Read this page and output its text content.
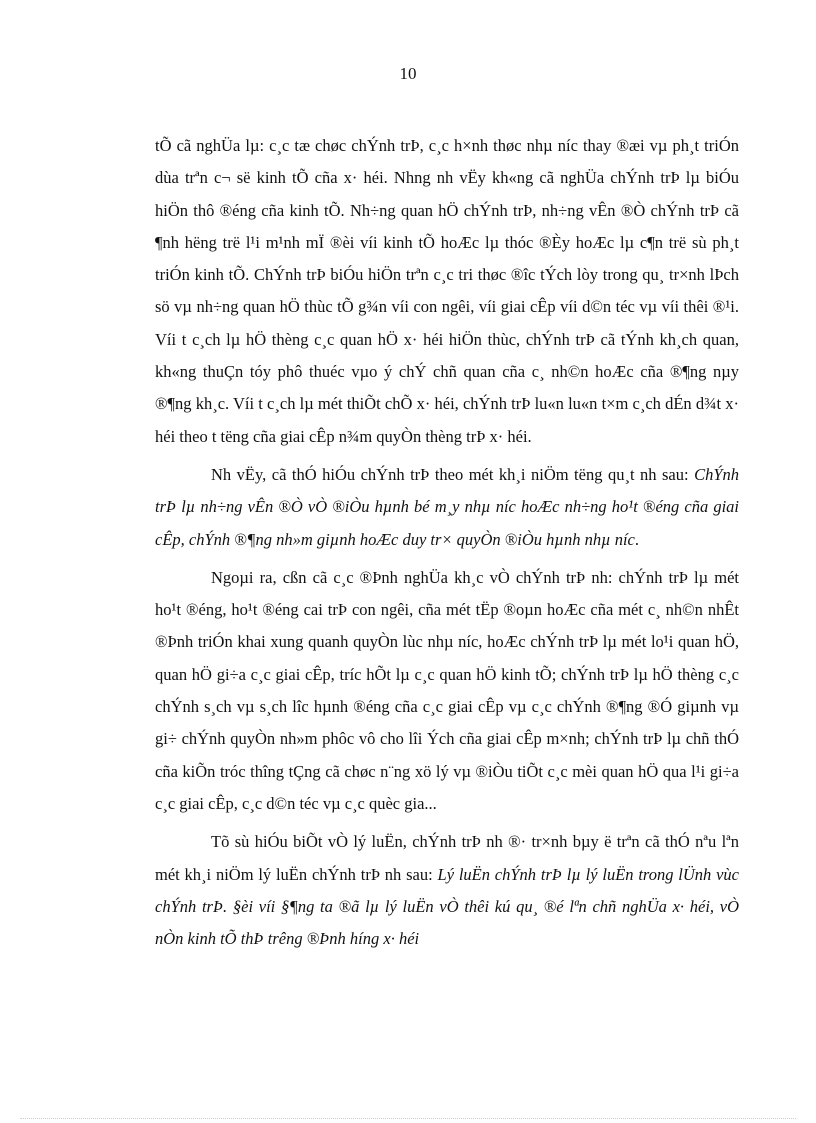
10

tÕ cã nghÜa lµ: c¸c tæ chøc chÝnh trÞ, c¸c h×nh thøc nhµ níc thay ®æi vµ ph¸t triÓn dùa trªn c¬ së kinh tÕ cña x· héi. Nhng nh vËy kh«ng cã nghÜa chÝnh trÞ lµ biÓu hiÖn thô ®éng cña kinh tÕ. Nh÷ng quan hÖ chÝnh trÞ, nh÷ng vÊn ®Ò chÝnh trÞ cã ¶nh hëng trë l¹i m¹nh mÏ ®èi víi kinh tÕ hoÆc lµ thóc ®Èy hoÆc lµ c¶n trë sù ph¸t triÓn kinh tÕ. ChÝnh trÞ biÓu hiÖn trªn c¸c tri thøc ®îc tÝch lòy trong qu¸ tr×nh lÞch sö vµ nh÷ng quan hÖ thùc tÕ g¾n víi con ngêi, víi giai cÊp víi d©n téc vµ víi thêi ®¹i. Víi t c¸ch lµ hÖ thèng c¸c quan hÖ x· héi hiÖn thùc, chÝnh trÞ cã tÝnh kh¸ch quan, kh«ng thuÇn tóy phô thuéc vµo ý chÝ chñ quan cña c¸ nh©n hoÆc cña ®¶ng nµy ®¶ng kh¸c. Víi t c¸ch lµ mét thiÕt chÕ x· héi, chÝnh trÞ lu«n lu«n t×m c¸ch dÉn d¾t x· héi theo t tëng cña giai cÊp n¾m quyÒn thèng trÞ x· héi.

Nh vËy, cã thÓ hiÓu chÝnh trÞ theo mét kh¸i niÖm tëng qu¸t nh sau: ChÝnh trÞ lµ nh÷ng vÊn ®Ò vÒ ®iÒu hµnh bé m¸y nhµ níc hoÆc nh÷ng ho¹t ®éng cña giai cÊp, chÝnh ®¶ng nh»m giµnh hoÆc duy tr× quyÒn ®iÒu hµnh nhµ níc.

Ngoµi ra, cßn cã c¸c ®Þnh nghÜa kh¸c vÒ chÝnh trÞ nh: chÝnh trÞ lµ mét ho¹t ®éng, ho¹t ®éng cai trÞ con ngêi, cña mét tËp ®oµn hoÆc cña mét c¸ nh©n nhÊt ®Þnh triÓn khai xung quanh quyÒn lùc nhµ níc, hoÆc chÝnh trÞ lµ mét lo¹i quan hÖ, quan hÖ gi÷a c¸c giai cÊp, tríc hÕt lµ c¸c quan hÖ kinh tÕ; chÝnh trÞ lµ hÖ thèng c¸c chÝnh s¸ch vµ s¸ch lîc hµnh ®éng cña c¸c giai cÊp vµ c¸c chÝnh ®¶ng ®Ó giµnh vµ gi÷ chÝnh quyÒn nh»m phôc vô cho lîi Ých cña giai cÊp m×nh; chÝnh trÞ lµ chñ thÓ cña kiÕn tróc thîng tÇng cã chøc n¨ng xö lý vµ ®iÒu tiÕt c¸c mèi quan hÖ qua l¹i gi÷a c¸c giai cÊp, c¸c d©n téc vµ c¸c quèc gia...

Tõ sù hiÓu biÕt vÒ lý luËn, chÝnh trÞ nh ®· tr×nh bµy ë trªn cã thÓ nªu lªn mét kh¸i niÖm lý luËn chÝnh trÞ nh sau: Lý luËn chÝnh trÞ lµ lý luËn trong lÜnh vùc chÝnh trÞ. §èi víi §¶ng ta ®ã lµ lý luËn vÒ thêi kú qu¸ ®é lªn chñ nghÜa x· héi, vÒ nÒn kinh tÕ thÞ trêng ®Þnh híng x· héi
